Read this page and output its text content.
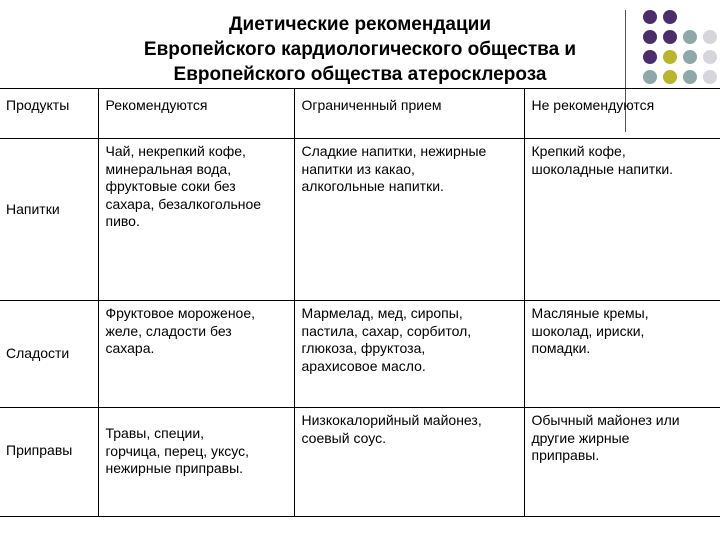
Диетические рекомендации
Европейского кардиологического общества и
Европейского общества атеросклероза
Продукты	Рекомендуются	Ограниченный прием	Не рекомендуются

Напитки	Чай, некрепкий кофе,
минеральная вода,
фруктовые соки без
сахара, безалкогольное
пиво.	Сладкие напитки, нежирные
напитки из какао,
алкогольные напитки.	Крепкий кофе,
шоколадные напитки.

Сладости	Фруктовое мороженое,
желе, сладости без
сахара.	Мармелад, мед, сиропы,
пастила, сахар, сорбитол,
глюкоза, фруктоза,
арахисовое масло.	Масляные кремы,
шоколад, ириски,
помадки.

Приправы	Травы, специи,
горчица, перец, уксус,
нежирные приправы.	Низкокалорийный майонез,
соевый соус.	Обычный майонез или
другие жирные
приправы.
